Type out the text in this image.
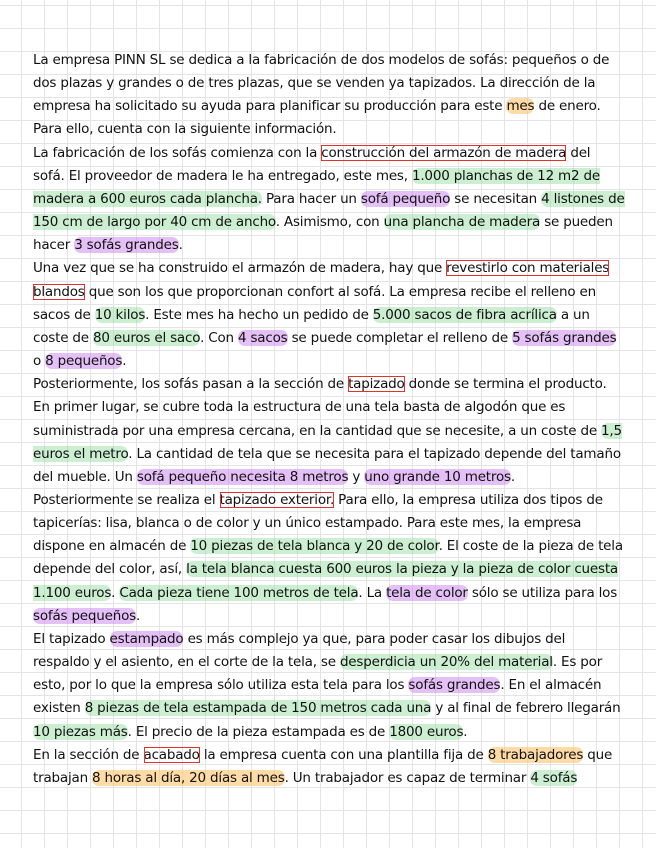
La empresa PINN SL se dedica a la fabricación de dos modelos de sofás: pequeños o de dos plazas y grandes o de tres plazas, que se venden ya tapizados. La dirección de la empresa ha solicitado su ayuda para planificar su producción para este mes de enero. Para ello, cuenta con la siguiente información.

La fabricación de los sofás comienza con la construcción del armazón de madera del sofá. El proveedor de madera le ha entregado, este mes, 1.000 planchas de 12 m2 de madera a 600 euros cada plancha. Para hacer un sofá pequeño se necesitan 4 listones de 150 cm de largo por 40 cm de ancho. Asimismo, con una plancha de madera se pueden hacer 3 sofás grandes.

Una vez que se ha construido el armazón de madera, hay que revestirlo con materiales blandos que son los que proporcionan confort al sofá. La empresa recibe el relleno en sacos de 10 kilos. Este mes ha hecho un pedido de 5.000 sacos de fibra acrílica a un coste de 80 euros el saco. Con 4 sacos se puede completar el relleno de 5 sofás grandes o 8 pequeños.

Posteriormente, los sofás pasan a la sección de tapizado donde se termina el producto. En primer lugar, se cubre toda la estructura de una tela basta de algodón que es suministrada por una empresa cercana, en la cantidad que se necesite, a un coste de 1,5 euros el metro. La cantidad de tela que se necesita para el tapizado depende del tamaño del mueble. Un sofá pequeño necesita 8 metros y uno grande 10 metros.

Posteriormente se realiza el tapizado exterior. Para ello, la empresa utiliza dos tipos de tapicerías: lisa, blanca o de color y un único estampado. Para este mes, la empresa dispone en almacén de 10 piezas de tela blanca y 20 de color. El coste de la pieza de tela depende del color, así, la tela blanca cuesta 600 euros la pieza y la pieza de color cuesta 1.100 euros. Cada pieza tiene 100 metros de tela. La tela de color sólo se utiliza para los sofás pequeños.

El tapizado estampado es más complejo ya que, para poder casar los dibujos del respaldo y el asiento, en el corte de la tela, se desperdicia un 20% del material. Es por esto, por lo que la empresa sólo utiliza esta tela para los sofás grandes. En el almacén existen 8 piezas de tela estampada de 150 metros cada una y al final de febrero llegarán 10 piezas más. El precio de la pieza estampada es de 1800 euros.

En la sección de acabado la empresa cuenta con una plantilla fija de 8 trabajadores que trabajan 8 horas al día, 20 días al mes. Un trabajador es capaz de terminar 4 sofás
